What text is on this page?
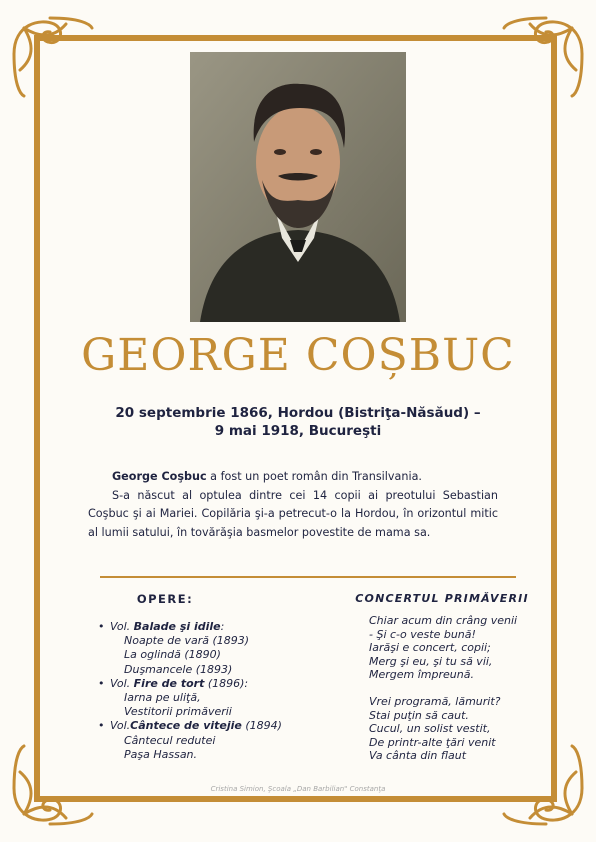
GEORGE COȘBUC
20 septembrie 1866, Hordou (Bistriţa-Năsăud) –
9 mai 1918, Bucureşti

George Coşbuc a fost un poet român din Transilvania.

S-a născut al optulea dintre cei 14 copii ai preotului Sebastian Coşbuc şi ai Mariei. Copilăria şi-a petrecut-o la Hordou, în orizontul mitic al lumii satului, în tovărăşia basmelor povestite de mama sa.

OPERE:
• Vol. Balade şi idile:
Noapte de vară (1893)
La oglindă (1890)
Duşmancele (1893)
• Vol. Fire de tort (1896):
Iarna pe uliţă,
Vestitorii primăverii
• Vol.Cântece de vitejie (1894)
Cântecul redutei
Paşa Hassan.
CONCERTUL PRIMĂVERII
Chiar acum din crâng venii
- Şi c-o veste bună!
Iarăşi e concert, copii;
Merg şi eu, şi tu să vii,
Mergem împreună.
Vrei programă, lămurit?
Stai puţin să caut.
Cucul, un solist vestit,
De printr-alte ţări venit
Va cânta din flaut
Cristina Simion, Şcoala „Dan Barbilian" Constanţa
